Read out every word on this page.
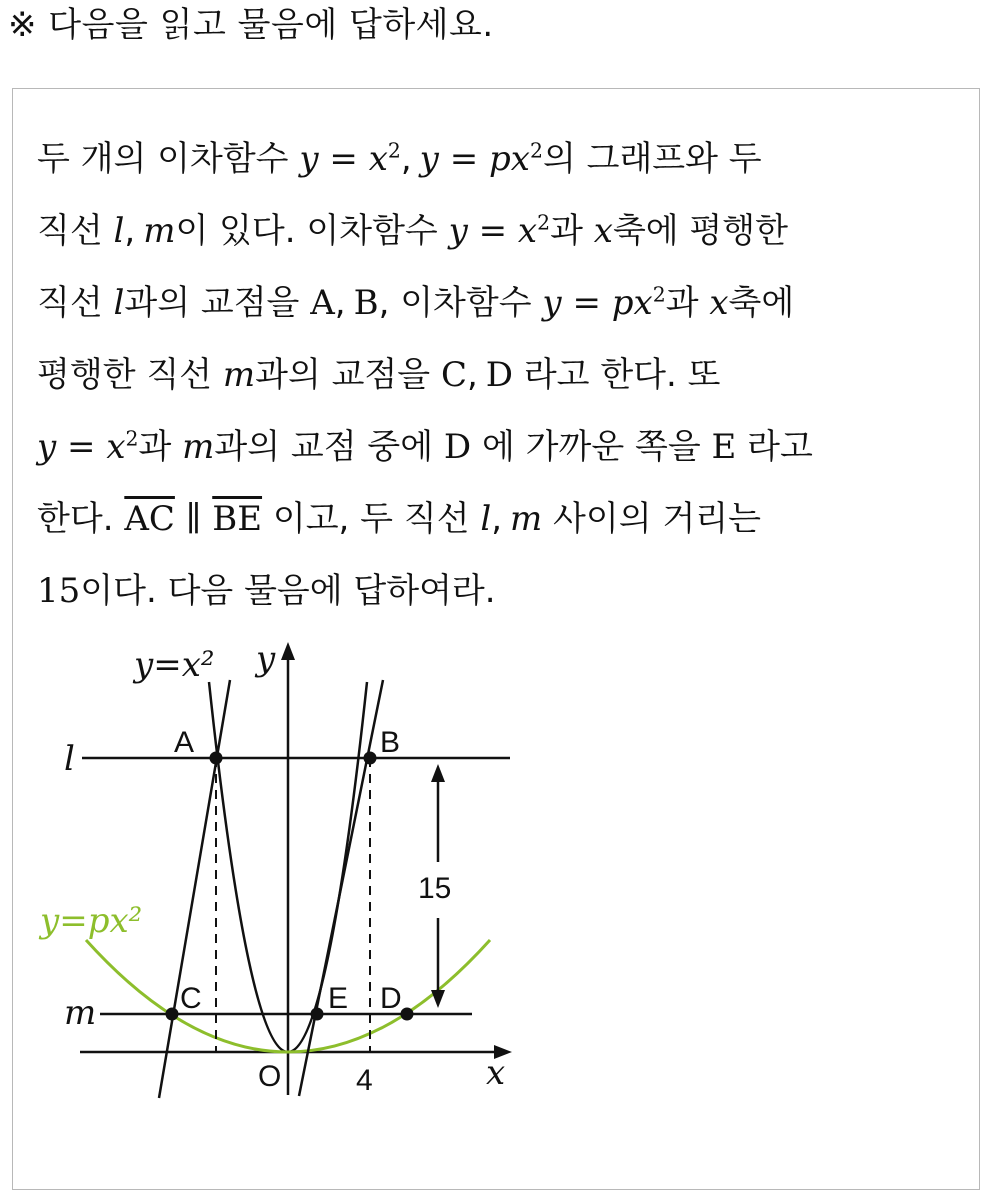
※ 다음을 읽고 물음에 답하세요.
두 개의 이차함수 $y = x^2$, $y = px^2$의 그래프와 두
직선 l, m이 있다. 이차함수 $y = x^2$과 x축에 평행한
직선 l과의 교점을 A, B, 이차함수 $y = px^2$과 x축에
평행한 직선 m과의 교점을 C, D 라고 한다. 또
$y = x^2$과 m과의 교점 중에 D 에 가까운 쪽을 E 라고
한다. $\overline{AC}$ ∥ $\overline{BE}$ 이고, 두 직선 l, m 사이의 거리는
15이다. 다음 물음에 답하여라.
y=x² y
x
l
m
y=px²
A	B
C	E D
O 4
15
